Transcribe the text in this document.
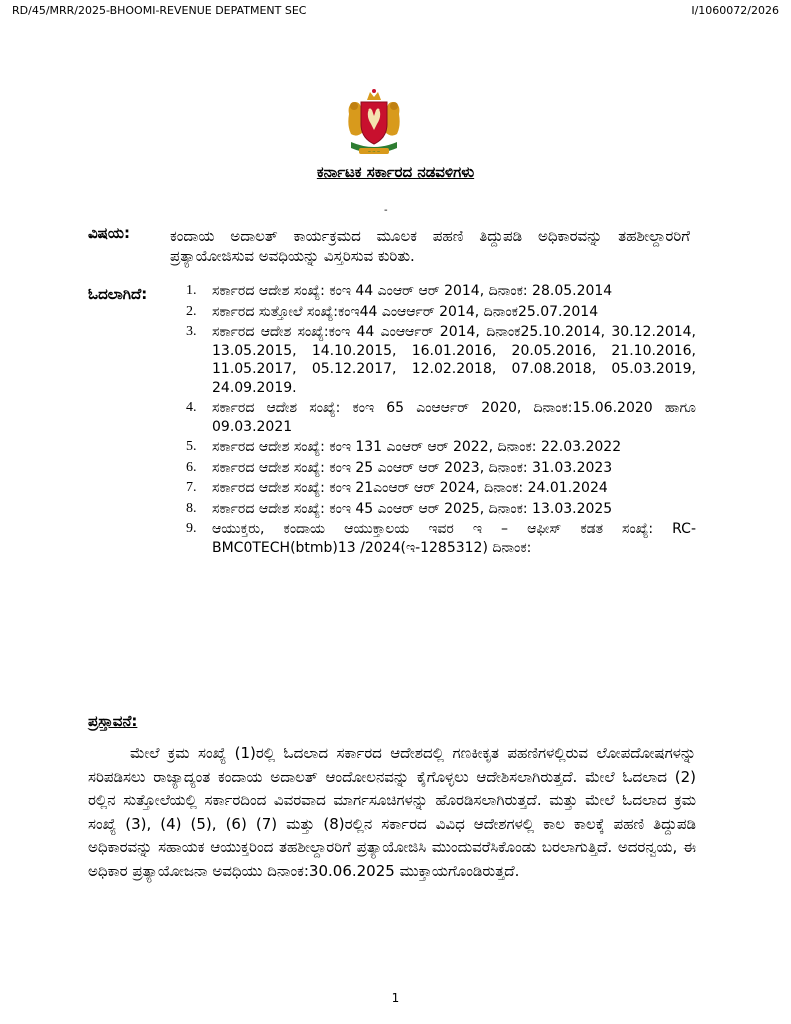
RD/45/MRR/2025-BHOOMI-REVENUE DEPATMENT SEC	I/1060072/2026
~ ~ ~
ಕರ್ನಾಟಕ ಸರ್ಕಾರದ ನಡವಳಿಗಳು
-
ವಿಷಯ:	ಕಂದಾಯ ಅದಾಲತ್ ಕಾರ್ಯಕ್ರಮದ ಮೂಲಕ ಪಹಣಿ ತಿದ್ದುಪಡಿ ಅಧಿಕಾರವನ್ನು ತಹಶೀಲ್ದಾರರಿಗೆ ಪ್ರತ್ಯಾಯೋಜಿಸುವ ಅವಧಿಯನ್ನು ವಿಸ್ತರಿಸುವ ಕುರಿತು.
ಓದಲಾಗಿದೆ:	1.	ಸರ್ಕಾರದ ಆದೇಶ ಸಂಖ್ಯೆ: ಕಂಇ 44 ಎಂಆರ್ ಆರ್ 2014, ದಿನಾಂಕ: 28.05.2014
2.	ಸರ್ಕಾರದ ಸುತ್ತೋಲೆ ಸಂಖ್ಯೆ:ಕಂಇ44 ಎಂಆರ್ಆರ್ 2014, ದಿನಾಂಕ25.07.2014
3.	ಸರ್ಕಾರದ ಆದೇಶ ಸಂಖ್ಯೆ:ಕಂಇ 44 ಎಂಆರ್ಆರ್ 2014, ದಿನಾಂಕ25.10.2014, 30.12.2014, 13.05.2015, 14.10.2015, 16.01.2016, 20.05.2016, 21.10.2016, 11.05.2017, 05.12.2017, 12.02.2018, 07.08.2018, 05.03.2019, 24.09.2019.
4.	ಸರ್ಕಾರದ ಆದೇಶ ಸಂಖ್ಯೆ: ಕಂಇ 65 ಎಂಆರ್ಆರ್ 2020, ದಿನಾಂಕ:15.06.2020 ಹಾಗೂ 09.03.2021
5.	ಸರ್ಕಾರದ ಆದೇಶ ಸಂಖ್ಯೆ: ಕಂಇ 131 ಎಂಆರ್ ಆರ್ 2022, ದಿನಾಂಕ: 22.03.2022
6.	ಸರ್ಕಾರದ ಆದೇಶ ಸಂಖ್ಯೆ: ಕಂಇ 25 ಎಂಆರ್ ಆರ್ 2023, ದಿನಾಂಕ: 31.03.2023
7.	ಸರ್ಕಾರದ ಆದೇಶ ಸಂಖ್ಯೆ: ಕಂಇ 21ಎಂಆರ್ ಆರ್ 2024, ದಿನಾಂಕ: 24.01.2024
8.	ಸರ್ಕಾರದ ಆದೇಶ ಸಂಖ್ಯೆ: ಕಂಇ 45 ಎಂಆರ್ ಆರ್ 2025, ದಿನಾಂಕ: 13.03.2025
9.	ಆಯುಕ್ತರು, ಕಂದಾಯ ಆಯುಕ್ತಾಲಯ ಇವರ ಇ – ಆಫೀಸ್ ಕಡತ ಸಂಖ್ಯೆ: RC-BMC0TECH(btmb)13 /2024(ಇ-1285312) ದಿನಾಂಕ:
ಪ್ರಸ್ತಾವನೆ:

ಮೇಲೆ ಕ್ರಮ ಸಂಖ್ಯೆ (1)ರಲ್ಲಿ ಓದಲಾದ ಸರ್ಕಾರದ ಆದೇಶದಲ್ಲಿ ಗಣಕೀಕೃತ ಪಹಣಿಗಳಲ್ಲಿರುವ ಲೋಪದೋಷಗಳನ್ನು ಸರಿಪಡಿಸಲು ರಾಜ್ಯಾದ್ಯಂತ ಕಂದಾಯ ಅದಾಲತ್ ಆಂದೋಲನವನ್ನು ಕೈಗೊಳ್ಳಲು ಆದೇಶಿಸಲಾಗಿರುತ್ತದೆ. ಮೇಲೆ ಓದಲಾದ (2) ರಲ್ಲಿನ ಸುತ್ತೋಲೆಯಲ್ಲಿ ಸರ್ಕಾರದಿಂದ ವಿವರವಾದ ಮಾರ್ಗಸೂಚಿಗಳನ್ನು ಹೊರಡಿಸಲಾಗಿರುತ್ತದೆ. ಮತ್ತು ಮೇಲೆ ಓದಲಾದ ಕ್ರಮ ಸಂಖ್ಯೆ (3), (4) (5), (6) (7) ಮತ್ತು (8)ರಲ್ಲಿನ ಸರ್ಕಾರದ ವಿವಿಧ ಆದೇಶಗಳಲ್ಲಿ ಕಾಲ ಕಾಲಕ್ಕೆ ಪಹಣಿ ತಿದ್ದುಪಡಿ ಅಧಿಕಾರವನ್ನು ಸಹಾಯಕ ಆಯುಕ್ತರಿಂದ ತಹಶೀಲ್ದಾರರಿಗೆ ಪ್ರತ್ಯಾಯೋಜಿಸಿ ಮುಂದುವರೆಸಿಕೊಂಡು ಬರಲಾಗುತ್ತಿದೆ. ಅದರನ್ವಯ, ಈ ಅಧಿಕಾರ ಪ್ರತ್ಯಾಯೋಜನಾ ಅವಧಿಯು ದಿನಾಂಕ:30.06.2025 ಮುಕ್ತಾಯಗೊಂಡಿರುತ್ತದೆ.

1
